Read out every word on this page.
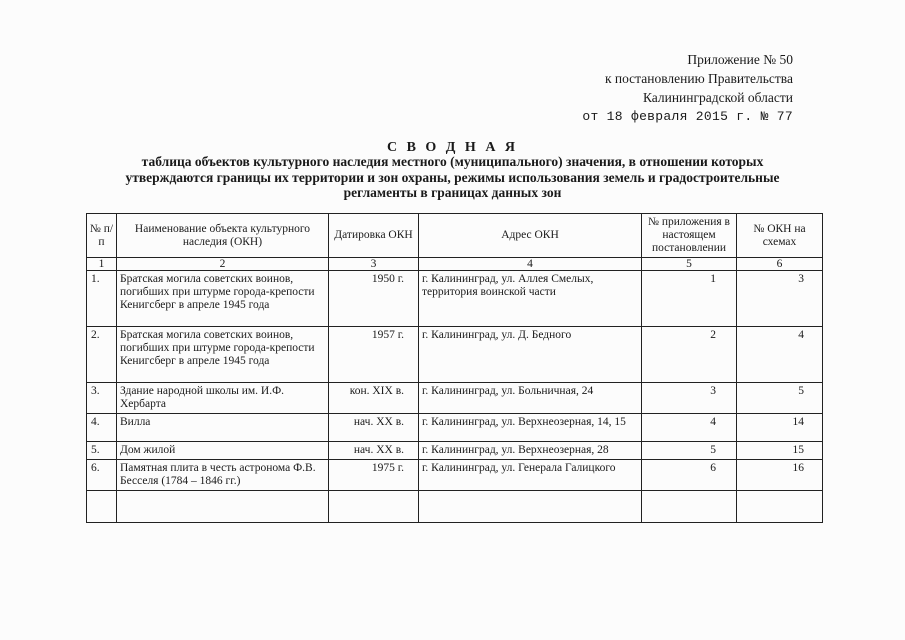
Приложение № 50
к постановлению Правительства
Калининградской области
от 18 февраля 2015 г. № 77
С В О Д Н А Я
таблица объектов культурного наследия местного (муниципального) значения, в отношении которых утверждаются границы их территории и зон охраны, режимы использования земель и градостроительные регламенты в границах данных зон
№ п/п	Наименование объекта культурного наследия (ОКН)	Датировка ОКН	Адрес ОКН	№ приложения в настоящем постановлении	№ ОКН на схемах
1	2	3	4	5	6
1.	Братская могила советских воинов, погибших при штурме города-крепости Кенигсберг в апреле 1945 года	1950 г.	г. Калининград, ул. Аллея Смелых, территория воинской части	1	3
2.	Братская могила советских воинов, погибших при штурме города-крепости Кенигсберг в апреле 1945 года	1957 г.	г. Калининград, ул. Д. Бедного	2	4
3.	Здание народной школы им. И.Ф. Хербарта	кон. XIX в.	г. Калининград, ул. Больничная, 24	3	5
4.	Вилла	нач. XX в.	г. Калининград, ул. Верхнеозерная, 14, 15	4	14
5.	Дом жилой	нач. XX в.	г. Калининград, ул. Верхнеозерная, 28	5	15
6.	Памятная плита в честь астронома Ф.В. Бесселя (1784 – 1846 гг.)	1975 г.	г. Калининград, ул. Генерала Галицкого	6	16
